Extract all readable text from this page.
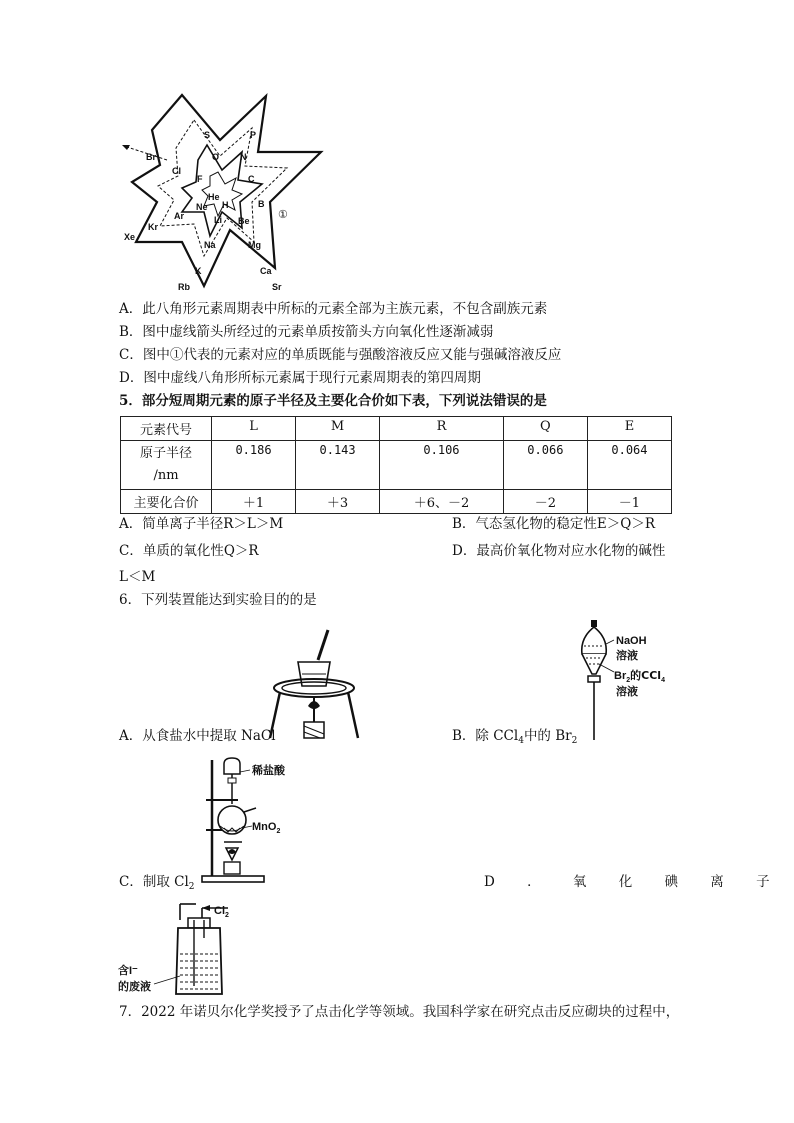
Br
S	P
Cl
O N
F	C
He
H	B
Ne
Li Be
Ar
Kr
Na	Mg
Xe
K	Ca
Rb	Sr
①
A．此八角形元素周期表中所标的元素全部为主族元素，不包含副族元素
B．图中虚线箭头所经过的元素单质按箭头方向氧化性逐渐减弱
C．图中①代表的元素对应的单质既能与强酸溶液反应又能与强碱溶液反应
D．图中虚线八角形所标元素属于现行元素周期表的第四周期
5．部分短周期元素的原子半径及主要化合价如下表，下列说法错误的是
元素代号	L	M	R	Q	E
原子半径
/nm	0.186	0.143	0.106	0.066	0.064
主要化合价	＋1	＋3	＋6、－2	－2	－1
A．简单离子半径R＞L＞M	B．气态氢化物的稳定性E＞Q＞R
C．单质的氧化性Q＞R	D．最高价氧化物对应水化物的碱性
L＜M
6．下列装置能达到实验目的的是
A．从食盐水中提取 NaCl
NaOH
溶液
$Br_2$的CCl$_4$
溶液
B．除 CCl$_4$中的 $Br_2$
稀盐酸
MnO$_2$
C．制取 $Cl_2$	D ． 氧 化 碘 离 子
$Cl_2$
含I⁻
的废液
7．2022 年诺贝尔化学奖授予了点击化学等领域。我国科学家在研究点击反应砌块的过程中，
